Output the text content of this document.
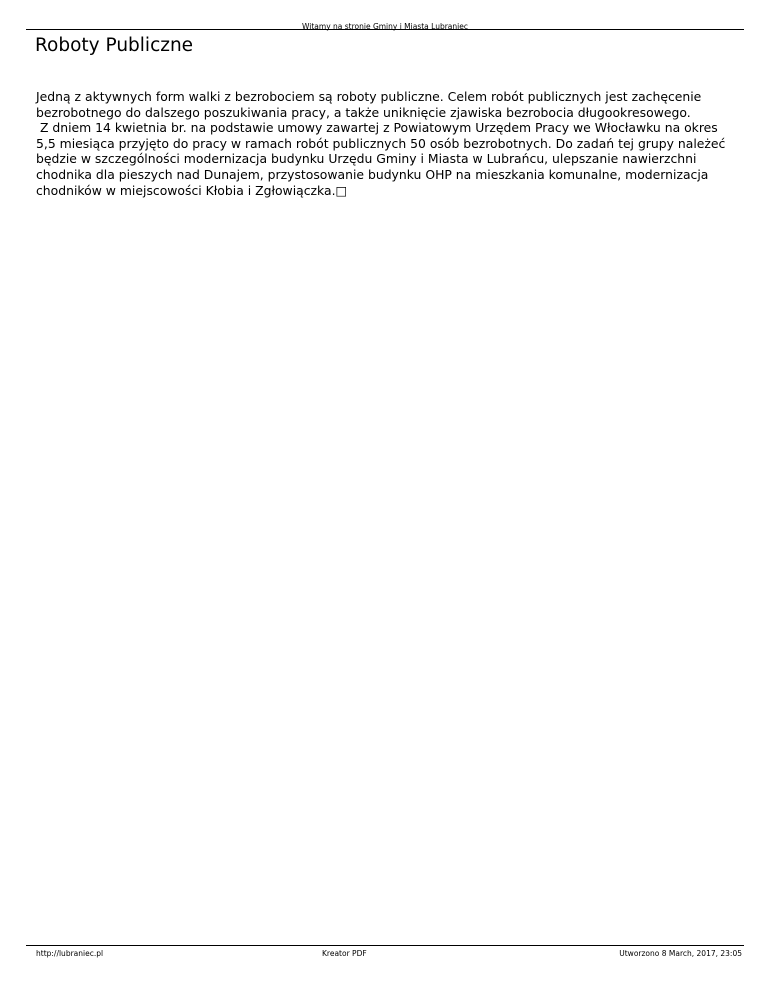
Witamy na stronie Gminy i Miasta Lubraniec
Roboty Publiczne

Jedną z aktywnych form walki z bezrobociem są roboty publiczne. Celem robót publicznych jest zachęcenie bezrobotnego do dalszego poszukiwania pracy, a także uniknięcie zjawiska bezrobocia długookresowego.

Z dniem 14 kwietnia br. na podstawie umowy zawartej z Powiatowym Urzędem Pracy we Włocławku na okres 5,5 miesiąca przyjęto do pracy w ramach robót publicznych 50 osób bezrobotnych. Do zadań tej grupy należeć będzie w szczególności modernizacja budynku Urzędu Gminy i Miasta w Lubrańcu, ulepszanie nawierzchni chodnika dla pieszych nad Dunajem, przystosowanie budynku OHP na mieszkania komunalne, modernizacja chodników w miejscowości Kłobia i Zgłowiączka.□

http://lubraniec.pl	Kreator PDF	Utworzono 8 March, 2017, 23:05
